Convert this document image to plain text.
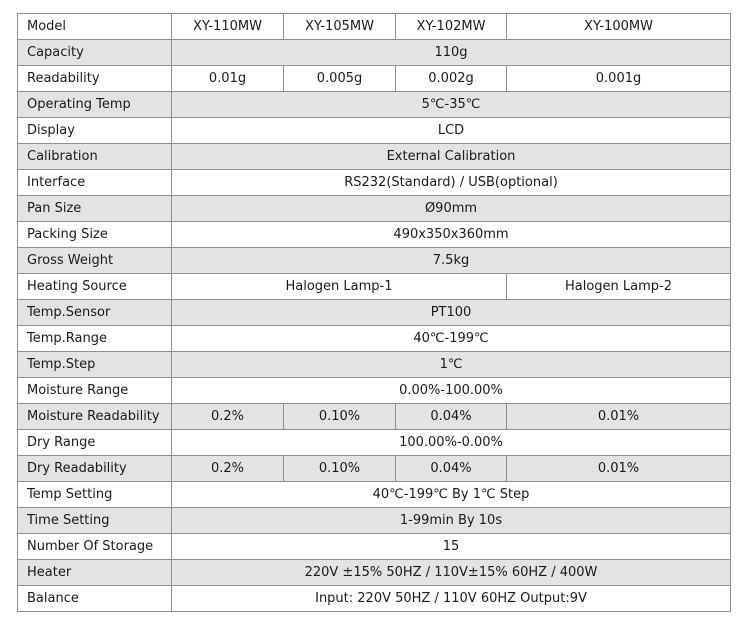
Model	XY-110MW	XY-105MW	XY-102MW	XY-100MW
Capacity	110g			
Readability	0.01g	0.005g	0.002g	0.001g
Operating Temp	5℃-35℃			
Display	LCD			
Calibration	External Calibration			
Interface	RS232(Standard) / USB(optional)			
Pan Size	Ø90mm			
Packing Size	490x350x360mm			
Gross Weight	7.5kg			
Heating Source	Halogen Lamp-1			Halogen Lamp-2
Temp.Sensor	PT100			
Temp.Range	40℃-199℃			
Temp.Step	1℃			
Moisture Range	0.00%-100.00%			
Moisture Readability	0.2%	0.10%	0.04%	0.01%
Dry Range	100.00%-0.00%			
Dry Readability	0.2%	0.10%	0.04%	0.01%
Temp Setting	40℃-199℃ By 1℃ Step			
Time Setting	1-99min By 10s			
Number Of Storage	15			
Heater	220V ±15% 50HZ / 110V±15% 60HZ / 400W			
Balance	Input: 220V 50HZ / 110V 60HZ Output:9V			
